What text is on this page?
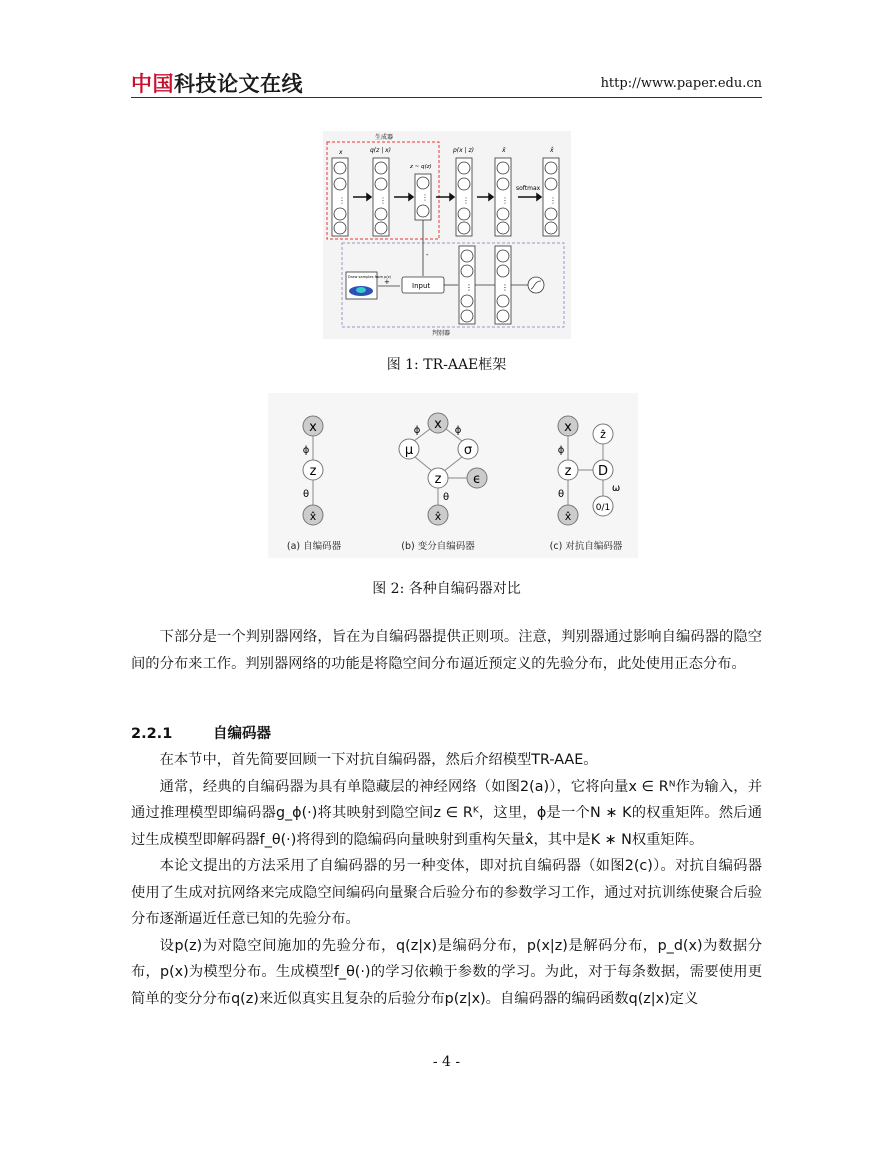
中国科技论文在线	http://www.paper.edu.cn
生成器
判别器
x	q(z | x)
z ~ q(z)
p(x | z)	x̄	x̂
⋮	⋮	⋮	⋮	⋮	⋮
softmax
-
Draw samples from p(z)
+	Input	⋮	⋮
图 1: TR-AAE框架
x
ϕ
z
θ
x̂
x
ϕ	ϕ
μ	σ
z ϵ
θ
x̂
x
ϕ
z
θ
x̂
ẑ
D
ω
0/1
(a) 自编码器	(b) 变分自编码器	(c) 对抗自编码器
图 2: 各种自编码器对比

下部分是一个判别器网络，旨在为自编码器提供正则项。注意，判别器通过影响自编码器的隐空间的分布来工作。判别器网络的功能是将隐空间分布逼近预定义的先验分布，此处使用正态分布。

2.2.1	自编码器

在本节中，首先简要回顾一下对抗自编码器，然后介绍模型TR-AAE。

通常，经典的自编码器为具有单隐藏层的神经网络（如图2(a)），它将向量x ∈ Rᴺ作为输入，并通过推理模型即编码器g_ϕ(·)将其映射到隐空间z ∈ Rᴷ，这里，ϕ是一个N ∗ K的权重矩阵。然后通过生成模型即解码器f_θ(·)将得到的隐编码向量映射到重构矢量x̂，其中是K ∗ N权重矩阵。

本论文提出的方法采用了自编码器的另一种变体，即对抗自编码器（如图2(c)）。对抗自编码器使用了生成对抗网络来完成隐空间编码向量聚合后验分布的参数学习工作，通过对抗训练使聚合后验分布逐渐逼近任意已知的先验分布。

设p(z)为对隐空间施加的先验分布，q(z|x)是编码分布，p(x|z)是解码分布，p_d(x)为数据分布，p(x)为模型分布。生成模型f_θ(·)的学习依赖于参数的学习。为此，对于每条数据，需要使用更简单的变分分布q(z)来近似真实且复杂的后验分布p(z|x)。自编码器的编码函数q(z|x)定义

- 4 -
